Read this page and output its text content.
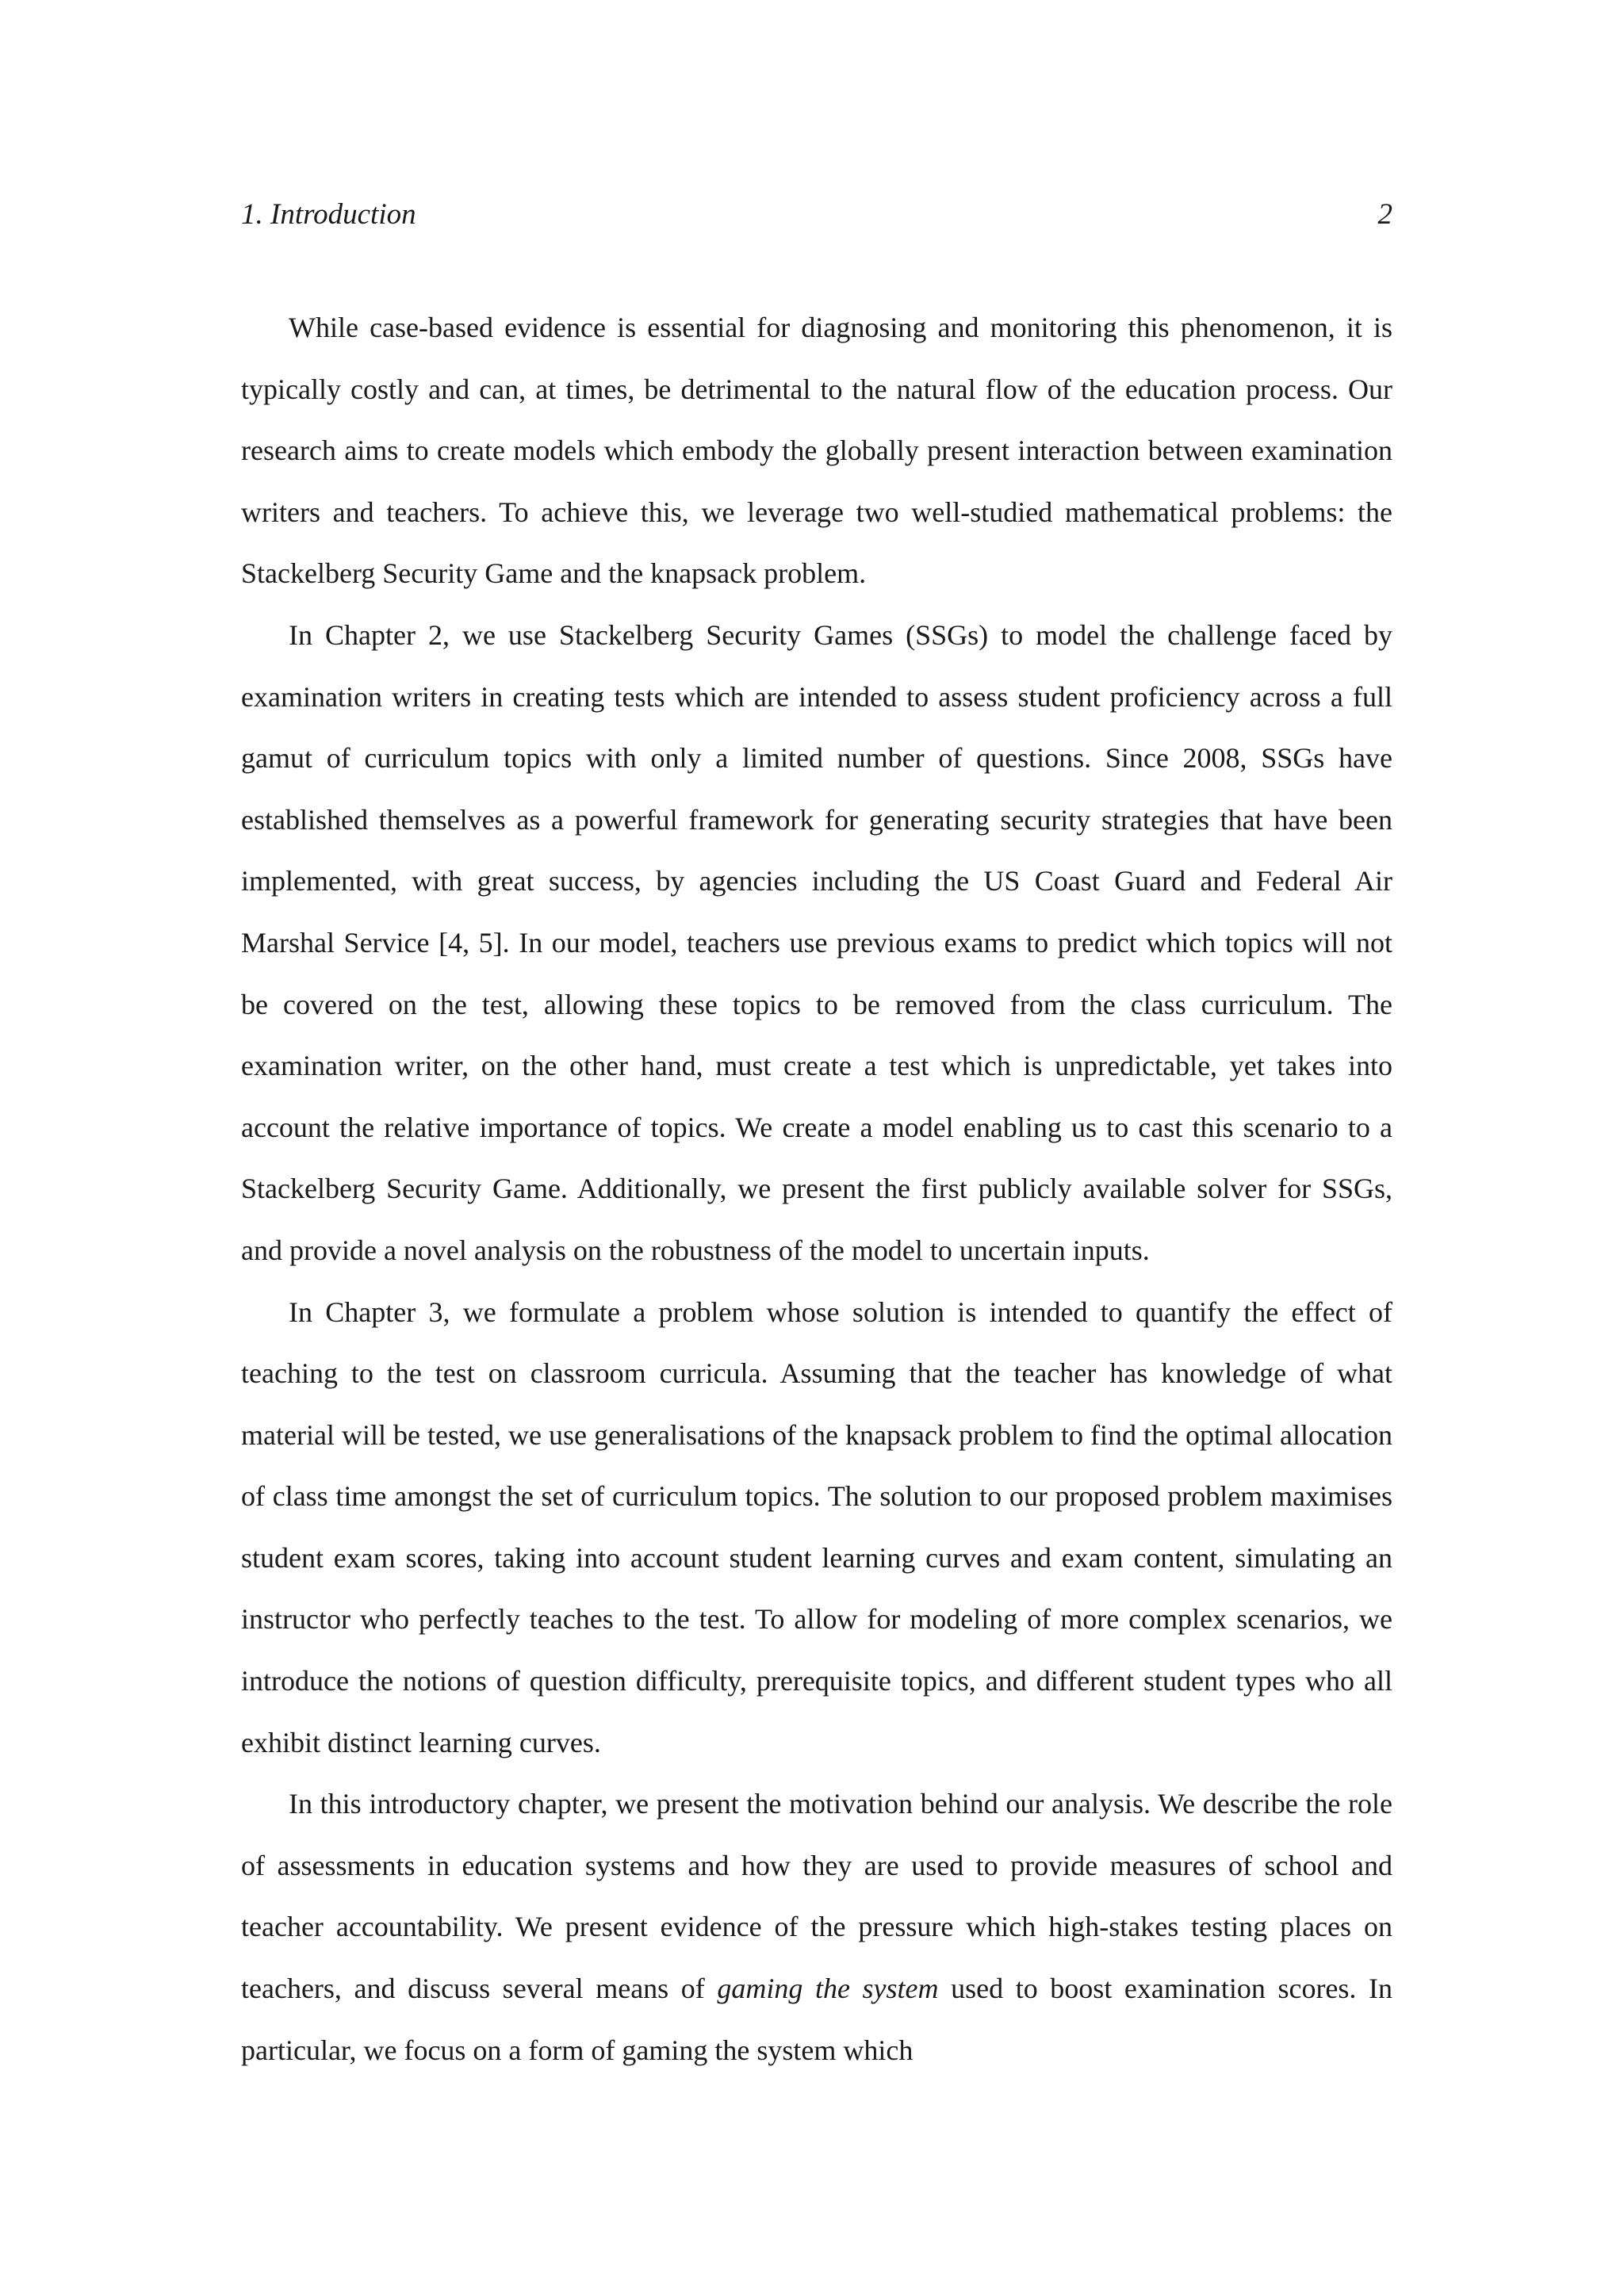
1. Introduction	2

While case-based evidence is essential for diagnosing and monitoring this phenomenon, it is typically costly and can, at times, be detrimental to the natural flow of the education process. Our research aims to create models which embody the globally present interaction between examination writers and teachers. To achieve this, we leverage two well-studied mathematical problems: the Stackelberg Security Game and the knapsack problem.

In Chapter 2, we use Stackelberg Security Games (SSGs) to model the challenge faced by examination writers in creating tests which are intended to assess student proficiency across a full gamut of curriculum topics with only a limited number of questions. Since 2008, SSGs have established themselves as a powerful framework for generating security strategies that have been implemented, with great success, by agencies including the US Coast Guard and Federal Air Marshal Service [4, 5]. In our model, teachers use previous exams to predict which topics will not be covered on the test, allowing these topics to be removed from the class curriculum. The examination writer, on the other hand, must create a test which is unpredictable, yet takes into account the relative importance of topics. We create a model enabling us to cast this scenario to a Stackelberg Security Game. Additionally, we present the first publicly available solver for SSGs, and provide a novel analysis on the robustness of the model to uncertain inputs.

In Chapter 3, we formulate a problem whose solution is intended to quantify the effect of teaching to the test on classroom curricula. Assuming that the teacher has knowledge of what material will be tested, we use generalisations of the knapsack problem to find the optimal allocation of class time amongst the set of curriculum topics. The solution to our proposed problem maximises student exam scores, taking into account student learning curves and exam content, simulating an instructor who perfectly teaches to the test. To allow for modeling of more complex scenarios, we introduce the notions of question difficulty, prerequisite topics, and different student types who all exhibit distinct learning curves.

In this introductory chapter, we present the motivation behind our analysis. We describe the role of assessments in education systems and how they are used to provide measures of school and teacher accountability. We present evidence of the pressure which high-stakes testing places on teachers, and discuss several means of gaming the system used to boost examination scores. In particular, we focus on a form of gaming the system which
